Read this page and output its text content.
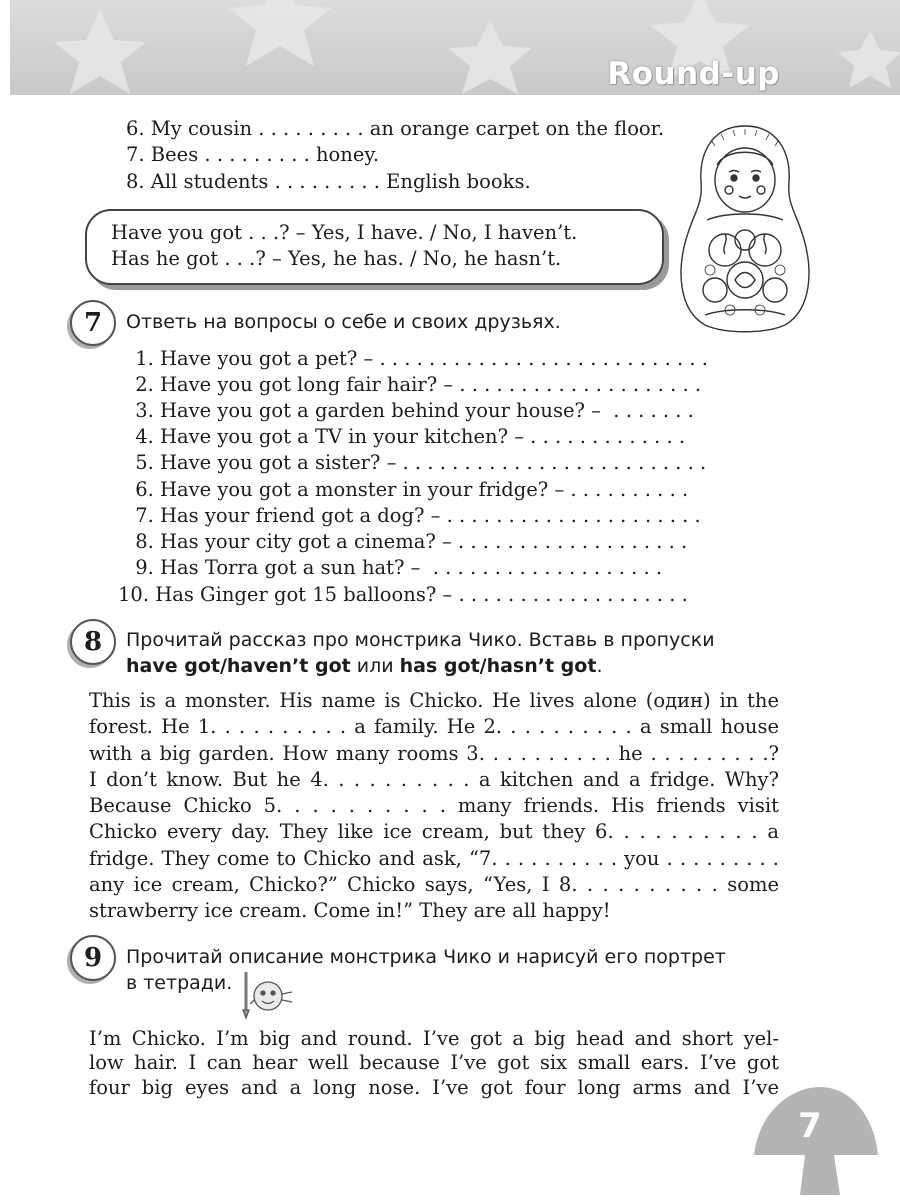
Round-up
6. My cousin . . . . . . . . . an orange carpet on the floor.
7. Bees . . . . . . . . . honey.
8. All students . . . . . . . . . English books.
Have you got . . .? – Yes, I have. / No, I haven’t.
Has he got . . .? – Yes, he has. / No, he hasn’t.
7	Ответь на вопросы о себе и своих друзьях.
1. Have you got a pet? – . . . . . . . . . . . . . . . . . . . . . . . . . . .
2. Have you got long fair hair? – . . . . . . . . . . . . . . . . . . . .
3. Have you got a garden behind your house? –  . . . . . . .
4. Have you got a TV in your kitchen? – . . . . . . . . . . . . .
5. Have you got a sister? – . . . . . . . . . . . . . . . . . . . . . . . . .
6. Have you got a monster in your fridge? – . . . . . . . . . .
7. Has your friend got a dog? – . . . . . . . . . . . . . . . . . . . . .
8. Has your city got a cinema? – . . . . . . . . . . . . . . . . . . .
9. Has Torra got a sun hat? –  . . . . . . . . . . . . . . . . . . .
10. Has Ginger got 15 balloons? – . . . . . . . . . . . . . . . . . . .
8	Прочитай рассказ про монстрика Чико. Вставь в пропуски
have got/haven’t got или has got/hasn’t got.
This is a monster. His name is Chicko. He lives alone (один) in the
forest. He 1. . . . . . . . . . a family. He 2. . . . . . . . . . a small house
with a big garden. How many rooms 3. . . . . . . . . . he . . . . . . . . .?
I don’t know. But he 4. . . . . . . . . . a kitchen and a fridge. Why?
Because Chicko 5. . . . . . . . . . many friends. His friends visit
Chicko every day. They like ice cream, but they 6. . . . . . . . . . a
fridge. They come to Chicko and ask, “7. . . . . . . . . . you . . . . . . . . .
any ice cream, Chicko?” Chicko says, “Yes, I 8. . . . . . . . . . some
strawberry ice cream. Come in!” They are all happy!
9	Прочитай описание монстрика Чико и нарисуй его портрет
в тетради.
I’m Chicko. I’m big and round. I’ve got a big head and short yel-
low hair. I can hear well because I’ve got six small ears. I’ve got
four big eyes and a long nose. I’ve got four long arms and I’ve
7
